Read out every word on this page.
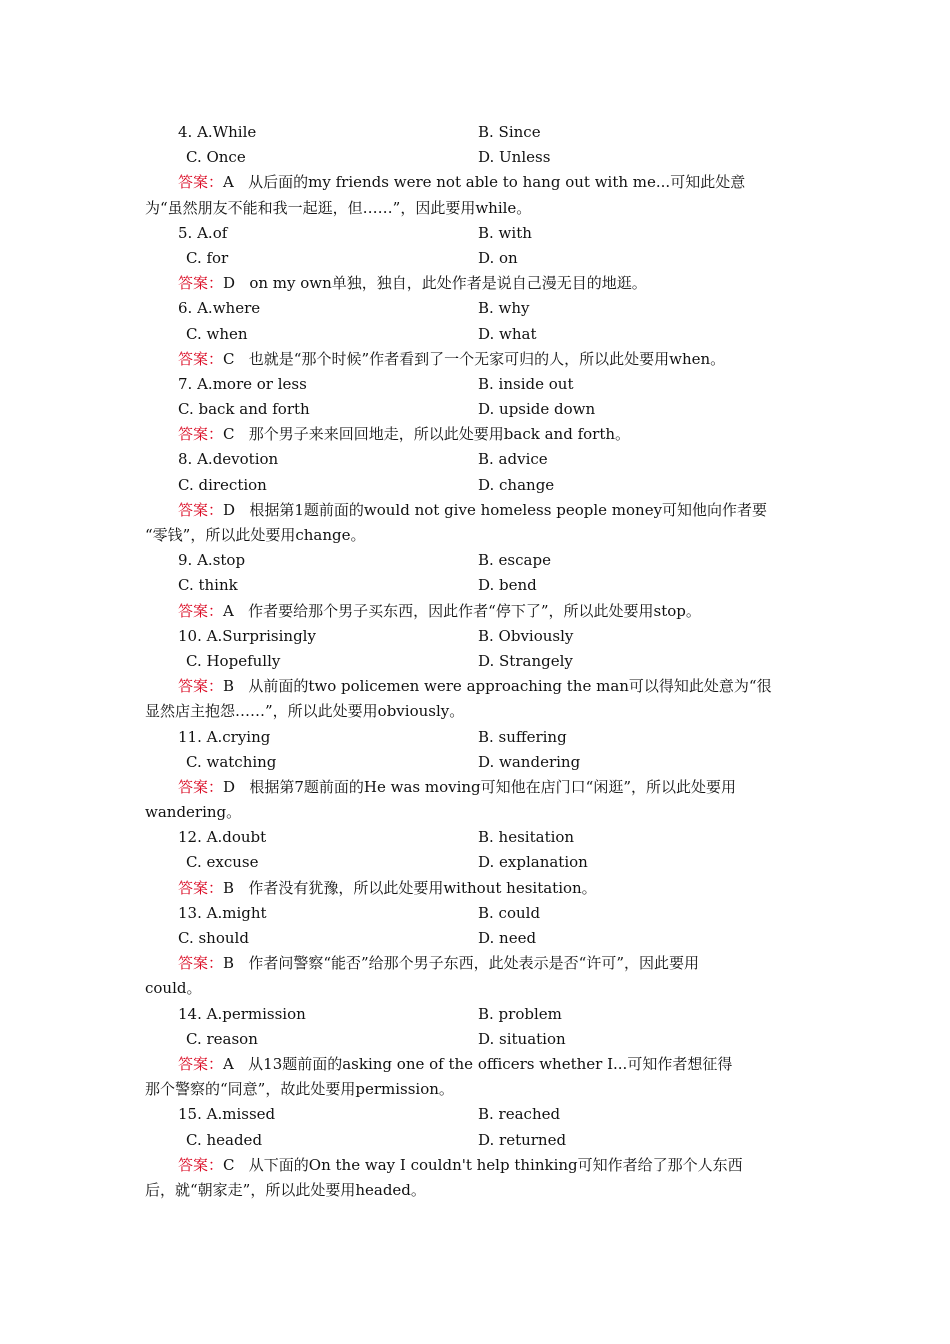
4. A.While	B. Since
C. Once	D. Unless
答案：A   从后面的my friends were not able to hang out with me...可知此处意
为“虽然朋友不能和我一起逛，但……”，因此要用while。
5. A.of	B. with
C. for	D. on
答案：D   on my own单独，独自，此处作者是说自己漫无目的地逛。
6. A.where	B. why
C. when	D. what
答案：C   也就是“那个时候”作者看到了一个无家可归的人，所以此处要用when。
7. A.more or less	B. inside out
C. back and forth	D. upside down
答案：C   那个男子来来回回地走，所以此处要用back and forth。
8. A.devotion	B. advice
C. direction	D. change
答案：D   根据第1题前面的would not give homeless people money可知他向作者要
“零钱”，所以此处要用change。
9. A.stop	B. escape
C. think	D. bend
答案：A   作者要给那个男子买东西，因此作者“停下了”，所以此处要用stop。
10. A.Surprisingly	B. Obviously
C. Hopefully	D. Strangely
答案：B   从前面的two policemen were approaching the man可以得知此处意为“很
显然店主抱怨……”，所以此处要用obviously。
11. A.crying	B. suffering
C. watching	D. wandering
答案：D   根据第7题前面的He was moving可知他在店门口“闲逛”，所以此处要用
wandering。
12. A.doubt	B. hesitation
C. excuse	D. explanation
答案：B   作者没有犹豫，所以此处要用without hesitation。
13. A.might	B. could
C. should	D. need
答案：B   作者问警察“能否”给那个男子东西，此处表示是否“许可”，因此要用
could。
14. A.permission	B. problem
C. reason	D. situation
答案：A   从13题前面的asking one of the officers whether I...可知作者想征得
那个警察的“同意”，故此处要用permission。
15. A.missed	B. reached
C. headed	D. returned
答案：C   从下面的On the way I couldn't help thinking可知作者给了那个人东西
后，就“朝家走”，所以此处要用headed。
